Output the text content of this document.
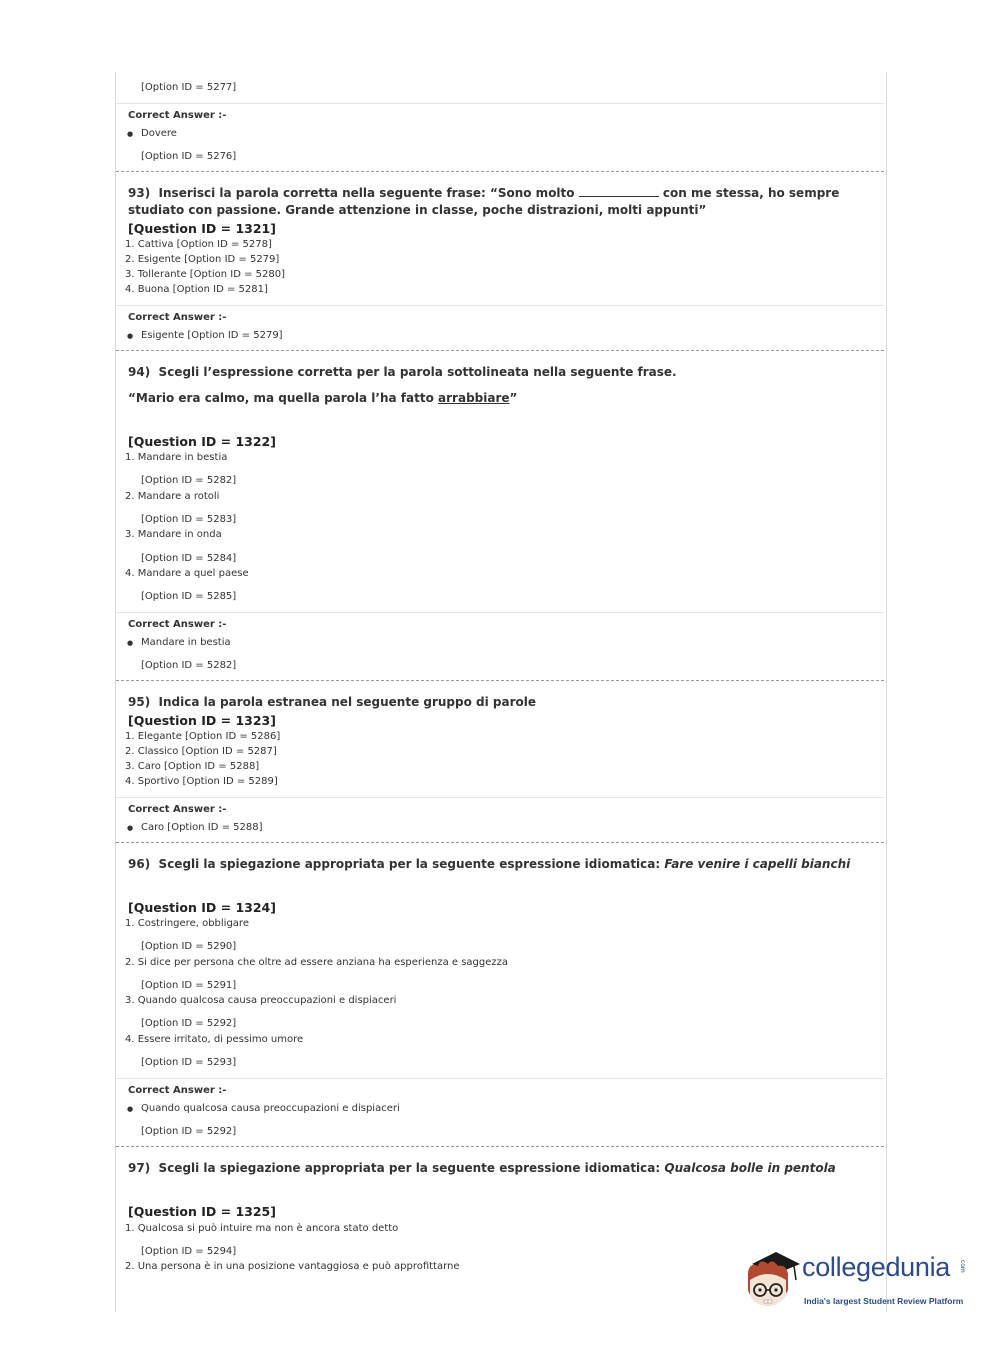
[Option ID = 5277]
Correct Answer :-
● Dovere
[Option ID = 5276]
93) Inserisci la parola corretta nella seguente frase: “Sono molto	con me stessa, ho sempre studiato con passione. Grande attenzione in classe, poche distrazioni, molti appunti”
[Question ID = 1321]
1. Cattiva [Option ID = 5278]
2. Esigente [Option ID = 5279]
3. Tollerante [Option ID = 5280]
4. Buona [Option ID = 5281]
Correct Answer :-
● Esigente [Option ID = 5279]
94) Scegli l’espressione corretta per la parola sottolineata nella seguente frase.
“Mario era calmo, ma quella parola l’ha fatto arrabbiare”
[Question ID = 1322]
1. Mandare in bestia
[Option ID = 5282]
2. Mandare a rotoli
[Option ID = 5283]
3. Mandare in onda
[Option ID = 5284]
4. Mandare a quel paese
[Option ID = 5285]
Correct Answer :-
● Mandare in bestia
[Option ID = 5282]
95) Indica la parola estranea nel seguente gruppo di parole
[Question ID = 1323]
1. Elegante [Option ID = 5286]
2. Classico [Option ID = 5287]
3. Caro [Option ID = 5288]
4. Sportivo [Option ID = 5289]
Correct Answer :-
● Caro [Option ID = 5288]
96) Scegli la spiegazione appropriata per la seguente espressione idiomatica: Fare venire i capelli bianchi
[Question ID = 1324]
1. Costringere, obbligare
[Option ID = 5290]
2. Si dice per persona che oltre ad essere anziana ha esperienza e saggezza
[Option ID = 5291]
3. Quando qualcosa causa preoccupazioni e dispiaceri
[Option ID = 5292]
4. Essere irritato, di pessimo umore
[Option ID = 5293]
Correct Answer :-
● Quando qualcosa causa preoccupazioni e dispiaceri
[Option ID = 5292]
97) Scegli la spiegazione appropriata per la seguente espressione idiomatica: Qualcosa bolle in pentola
[Question ID = 1325]
1. Qualcosa si può intuire ma non è ancora stato detto
[Option ID = 5294]
2. Una persona è in una posizione vantaggiosa e può approfittarne	collegedunia .com
India's largest Student Review Platform
